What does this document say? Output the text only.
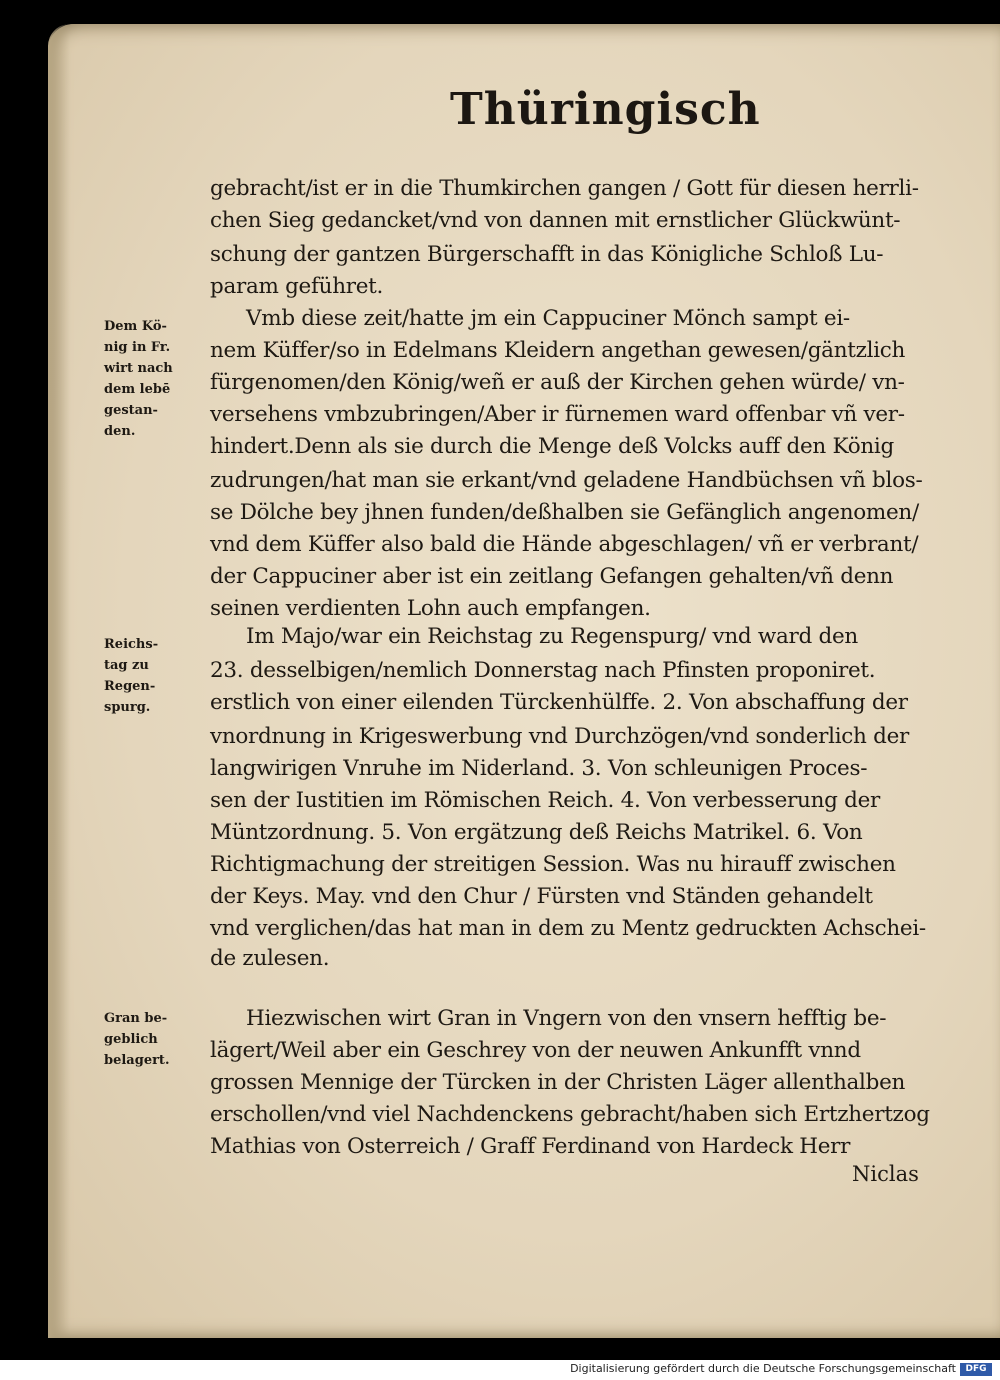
Thüringisch
gebracht/ist er in die Thumkirchen gangen / Gott für diesen herrli-
chen Sieg gedancket/vnd von dannen mit ernstlicher Glückwünt-
schung der gantzen Bürgerschafft in das Königliche Schloß Lu-
param geführet.
Vmb diese zeit/hatte jm ein Cappuciner Mönch sampt ei-
nem Küffer/so in Edelmans Kleidern angethan gewesen/gäntzlich
fürgenomen/den König/weñ er auß der Kirchen gehen würde/ vn-
versehens vmbzubringen/Aber ir fürnemen ward offenbar vñ ver-
hindert.Denn als sie durch die Menge deß Volcks auff den König
zudrungen/hat man sie erkant/vnd geladene Handbüchsen vñ blos-
se Dölche bey jhnen funden/deßhalben sie Gefänglich angenomen/
vnd dem Küffer also bald die Hände abgeschlagen/ vñ er verbrant/
der Cappuciner aber ist ein zeitlang Gefangen gehalten/vñ denn
seinen verdienten Lohn auch empfangen.
Im Majo/war ein Reichstag zu Regenspurg/ vnd ward den
23. desselbigen/nemlich Donnerstag nach Pfinsten proponiret.
erstlich von einer eilenden Türckenhülffe. 2. Von abschaffung der
vnordnung in Krigeswerbung vnd Durchzögen/vnd sonderlich der
langwirigen Vnruhe im Niderland. 3. Von schleunigen Proces-
sen der Iustitien im Römischen Reich. 4. Von verbesserung der
Müntzordnung. 5. Von ergätzung deß Reichs Matrikel. 6. Von
Richtigmachung der streitigen Session. Was nu hirauff zwischen
der Keys. May. vnd den Chur / Fürsten vnd Ständen gehandelt
vnd verglichen/das hat man in dem zu Mentz gedruckten Achschei-
de zulesen.
Hiezwischen wirt Gran in Vngern von den vnsern hefftig be-
lägert/Weil aber ein Geschrey von der neuwen Ankunfft vnnd
grossen Mennige der Türcken in der Christen Läger allenthalben
erschollen/vnd viel Nachdenckens gebracht/haben sich Ertzhertzog
Mathias von Osterreich / Graff Ferdinand von Hardeck Herr
Niclas
Dem Kö-
nig in Fr.
wirt nach
dem lebē
gestan-
den.
Reichs-
tag zu
Regen-
spurg.
Gran be-
geblich
belagert.
Digitalisierung gefördert durch die Deutsche Forschungsgemeinschaft	DFG
